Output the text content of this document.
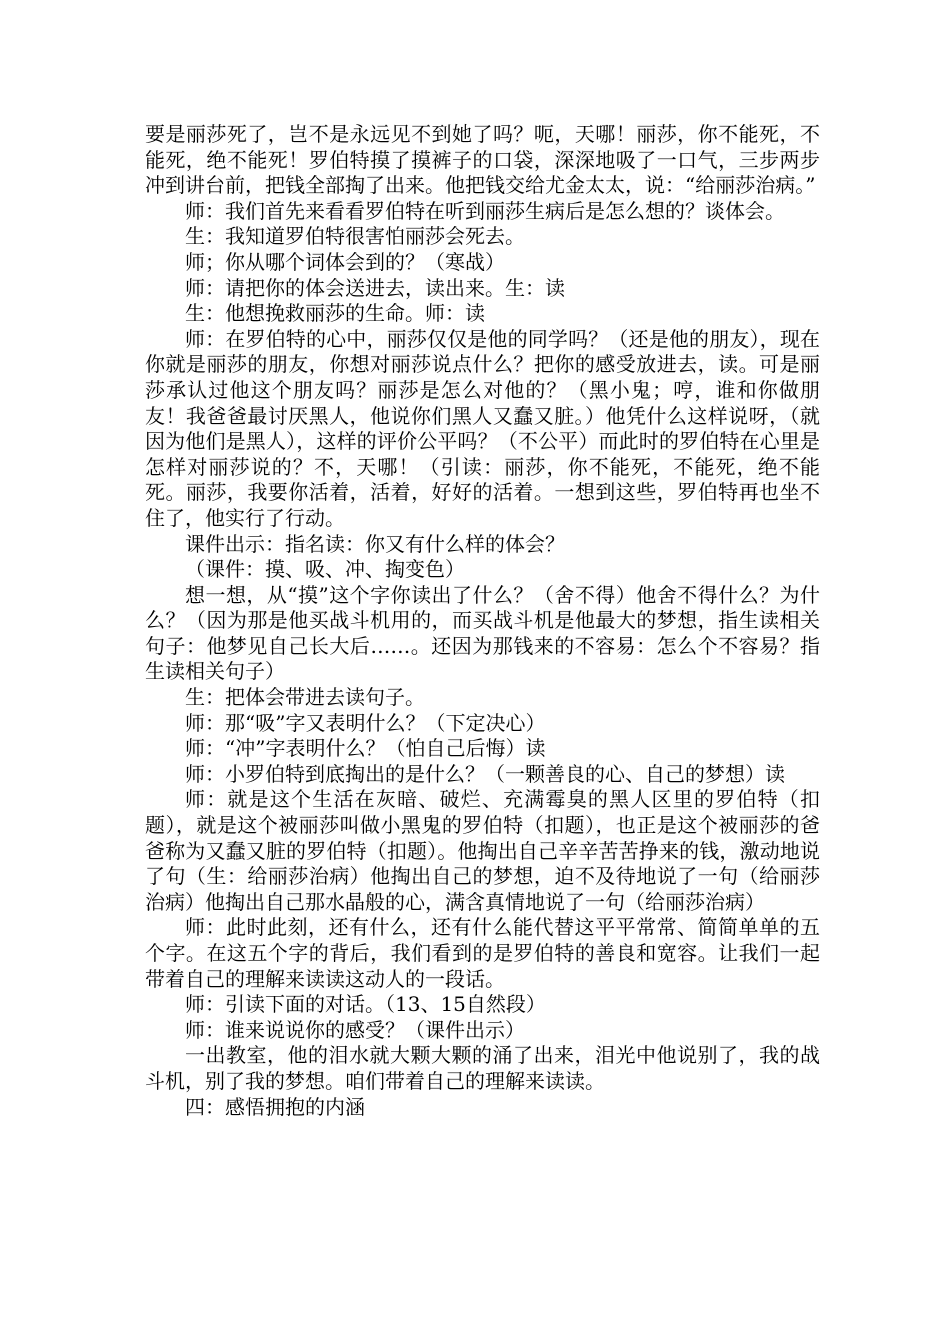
要是丽莎死了，岂不是永远见不到她了吗？呃，天哪！丽莎，你不能死，不能死，绝不能死！罗伯特摸了摸裤子的口袋，深深地吸了一口气，三步两步冲到讲台前，把钱全部掏了出来。他把钱交给尤金太太，说：“给丽莎治病。”

师：我们首先来看看罗伯特在听到丽莎生病后是怎么想的？谈体会。

生：我知道罗伯特很害怕丽莎会死去。

师；你从哪个词体会到的？（寒战）

师：请把你的体会送进去，读出来。生：读

生：他想挽救丽莎的生命。师：读

师：在罗伯特的心中，丽莎仅仅是他的同学吗？（还是他的朋友），现在你就是丽莎的朋友，你想对丽莎说点什么？把你的感受放进去，读。可是丽莎承认过他这个朋友吗？丽莎是怎么对他的？（黑小鬼；哼，谁和你做朋友！我爸爸最讨厌黑人，他说你们黑人又蠢又脏。）他凭什么这样说呀，（就因为他们是黑人），这样的评价公平吗？（不公平）而此时的罗伯特在心里是怎样对丽莎说的？不，天哪！（引读：丽莎，你不能死，不能死，绝不能死。丽莎，我要你活着，活着，好好的活着。一想到这些，罗伯特再也坐不住了，他实行了行动。

课件出示：指名读：你又有什么样的体会？

（课件：摸、吸、冲、掏变色）

想一想，从“摸”这个字你读出了什么？（舍不得）他舍不得什么？为什么？（因为那是他买战斗机用的，而买战斗机是他最大的梦想，指生读相关句子：他梦见自己长大后……。还因为那钱来的不容易：怎么个不容易？指生读相关句子）

生：把体会带进去读句子。

师：那“吸”字又表明什么？（下定决心）

师：“冲”字表明什么？（怕自己后悔）读

师：小罗伯特到底掏出的是什么？（一颗善良的心、自己的梦想）读

师：就是这个生活在灰暗、破烂、充满霉臭的黑人区里的罗伯特（扣题），就是这个被丽莎叫做小黑鬼的罗伯特（扣题），也正是这个被丽莎的爸爸称为又蠢又脏的罗伯特（扣题）。他掏出自己辛辛苦苦挣来的钱，激动地说了句（生：给丽莎治病）他掏出自己的梦想，迫不及待地说了一句（给丽莎治病）他掏出自己那水晶般的心，满含真情地说了一句（给丽莎治病）

师：此时此刻，还有什么，还有什么能代替这平平常常、简简单单的五个字。在这五个字的背后，我们看到的是罗伯特的善良和宽容。让我们一起带着自己的理解来读读这动人的一段话。

师：引读下面的对话。（13、15自然段）

师：谁来说说你的感受？（课件出示）

一出教室，他的泪水就大颗大颗的涌了出来，泪光中他说别了，我的战斗机，别了我的梦想。咱们带着自己的理解来读读。

四：感悟拥抱的内涵
